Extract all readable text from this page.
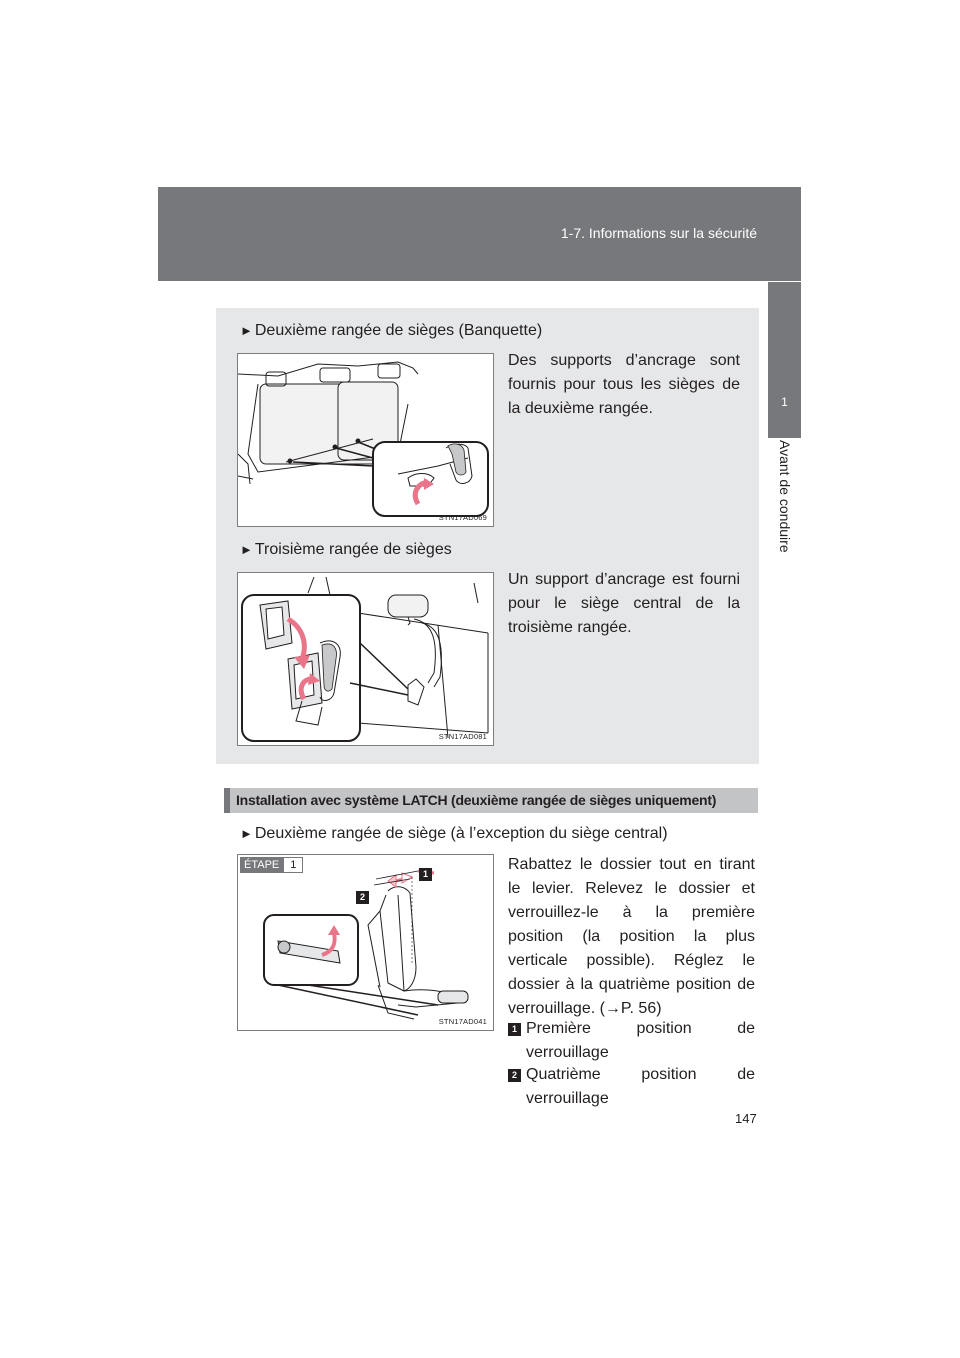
1-7. Informations sur la sécurité
1
Avant de conduire
► Deuxième rangée de sièges (Banquette)
STN17AD069
Des supports d’ancrage sont fournis pour tous les sièges de la deuxième rangée.
► Troisième rangée de sièges
STN17AD081
Un support d’ancrage est fourni pour le siège central de la troisième rangée.
Installation avec système LATCH (deuxième rangée de sièges uniquement)
► Deuxième rangée de siège (à l’exception du siège central)
ÉTAPE	1
1
2
STN17AD041
Rabattez le dossier tout en tirant le levier. Relevez le dossier et verrouillez-le à la première position (la position la plus verticale possible). Réglez le dossier à la quatrième position de verrouillage. (→P. 56)
1 Première position de
verrouillage
2 Quatrième position de
verrouillage
147
